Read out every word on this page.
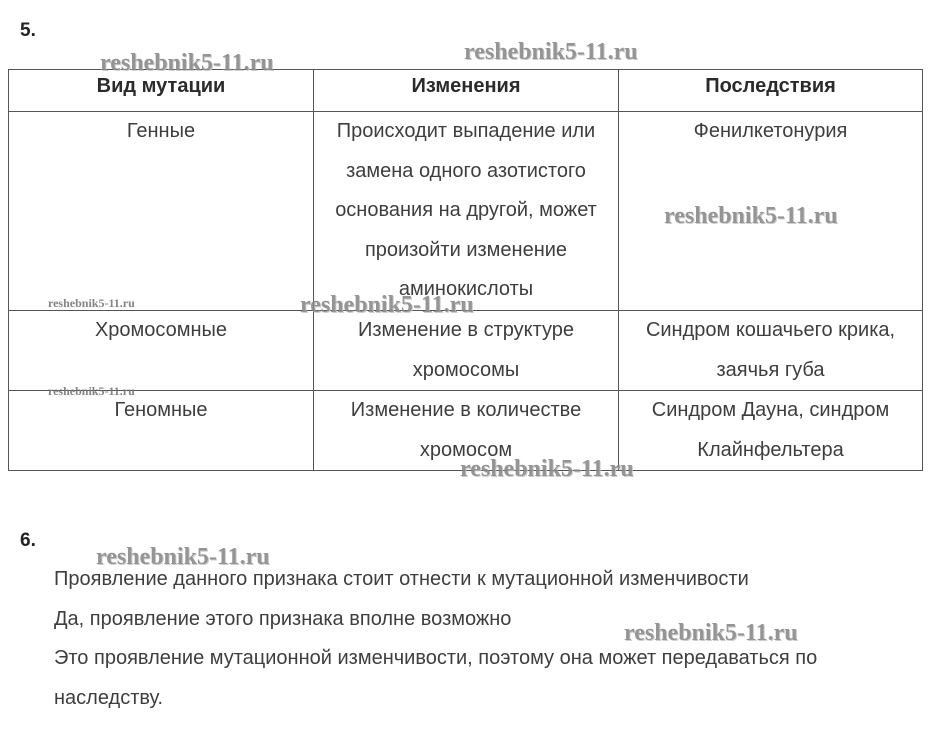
5.
Вид мутации	Изменения	Последствия
Генные	Происходит выпадение или замена одного азотистого основания на другой, может произойти изменение аминокислоты	Фенилкетонурия
Хромосомные	Изменение в структуре хромосомы	Синдром кошачьего крика, заячья губа
Геномные	Изменение в количестве хромосом	Синдром Дауна, синдром Клайнфельтера
6.

Проявление данного признака стоит отнести к мутационной изменчивости

Да, проявление этого признака вполне возможно

Это проявление мутационной изменчивости, поэтому она может передаваться по наследству.

reshebnik5-11.ru	reshebnik5-11.ru
reshebnik5-11.ru
reshebnik5-11.ru
reshebnik5-11.ru
reshebnik5-11.ru
reshebnik5-11.ru
reshebnik5-11.ru
reshebnik5-11.ru
